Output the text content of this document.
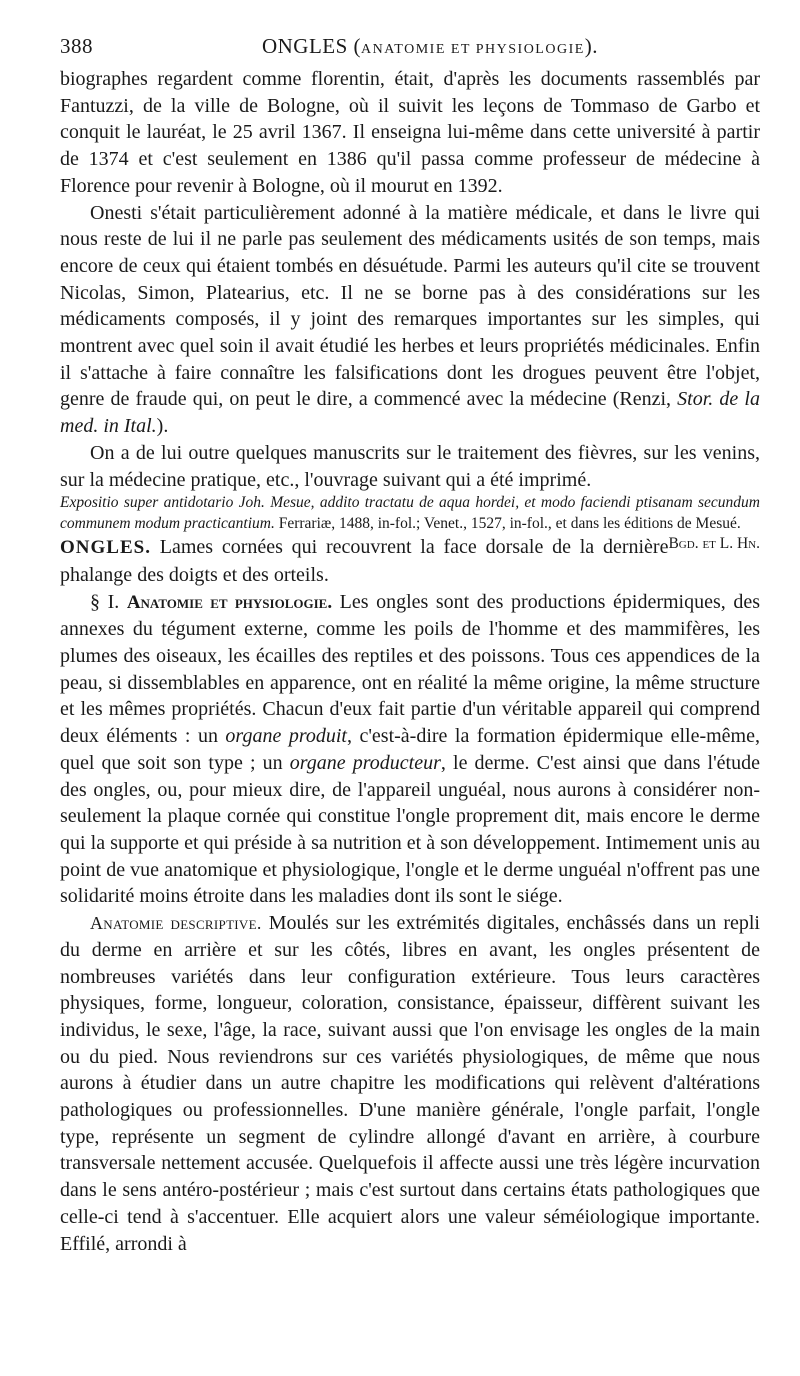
388	ONGLES (ANATOMIE ET PHYSIOLOGIE).

biographes regardent comme florentin, était, d'après les documents rassemblés par Fantuzzi, de la ville de Bologne, où il suivit les leçons de Tommaso de Garbo et conquit le lauréat, le 25 avril 1367. Il enseigna lui-même dans cette université à partir de 1374 et c'est seulement en 1386 qu'il passa comme professeur de médecine à Florence pour revenir à Bologne, où il mourut en 1392.

Onesti s'était particulièrement adonné à la matière médicale, et dans le livre qui nous reste de lui il ne parle pas seulement des médicaments usités de son temps, mais encore de ceux qui étaient tombés en désuétude. Parmi les auteurs qu'il cite se trouvent Nicolas, Simon, Platearius, etc. Il ne se borne pas à des considérations sur les médicaments composés, il y joint des remarques importantes sur les simples, qui montrent avec quel soin il avait étudié les herbes et leurs propriétés médicinales. Enfin il s'attache à faire connaître les falsifications dont les drogues peuvent être l'objet, genre de fraude qui, on peut le dire, a commencé avec la médecine (Renzi, Stor. de la med. in Ital.).

On a de lui outre quelques manuscrits sur le traitement des fièvres, sur les venins, sur la médecine pratique, etc., l'ouvrage suivant qui a été imprimé.

Expositio super antidotario Joh. Mesue, addito tractatu de aqua hordei, et modo faciendi ptisanam secundum communem modum practicantium. Ferrariæ, 1488, in-fol.; Venet., 1527, in-fol., et dans les éditions de Mesué.
Bgd. et L. Hn.

ONGLES. Lames cornées qui recouvrent la face dorsale de la dernière phalange des doigts et des orteils.

§ I. Anatomie et physiologie. Les ongles sont des productions épidermiques, des annexes du tégument externe, comme les poils de l'homme et des mammifères, les plumes des oiseaux, les écailles des reptiles et des poissons. Tous ces appendices de la peau, si dissemblables en apparence, ont en réalité la même origine, la même structure et les mêmes propriétés. Chacun d'eux fait partie d'un véritable appareil qui comprend deux éléments : un organe produit, c'est-à-dire la formation épidermique elle-même, quel que soit son type ; un organe producteur, le derme. C'est ainsi que dans l'étude des ongles, ou, pour mieux dire, de l'appareil unguéal, nous aurons à considérer non-seulement la plaque cornée qui constitue l'ongle proprement dit, mais encore le derme qui la supporte et qui préside à sa nutrition et à son développement. Intimement unis au point de vue anatomique et physiologique, l'ongle et le derme unguéal n'offrent pas une solidarité moins étroite dans les maladies dont ils sont le siége.

Anatomie descriptive. Moulés sur les extrémités digitales, enchâssés dans un repli du derme en arrière et sur les côtés, libres en avant, les ongles présentent de nombreuses variétés dans leur configuration extérieure. Tous leurs caractères physiques, forme, longueur, coloration, consistance, épaisseur, diffèrent suivant les individus, le sexe, l'âge, la race, suivant aussi que l'on envisage les ongles de la main ou du pied. Nous reviendrons sur ces variétés physiologiques, de même que nous aurons à étudier dans un autre chapitre les modifications qui relèvent d'altérations pathologiques ou professionnelles. D'une manière générale, l'ongle parfait, l'ongle type, représente un segment de cylindre allongé d'avant en arrière, à courbure transversale nettement accusée. Quelquefois il affecte aussi une très légère incurvation dans le sens antéro-postérieur ; mais c'est surtout dans certains états pathologiques que celle-ci tend à s'accentuer. Elle acquiert alors une valeur séméiologique importante. Effilé, arrondi à
